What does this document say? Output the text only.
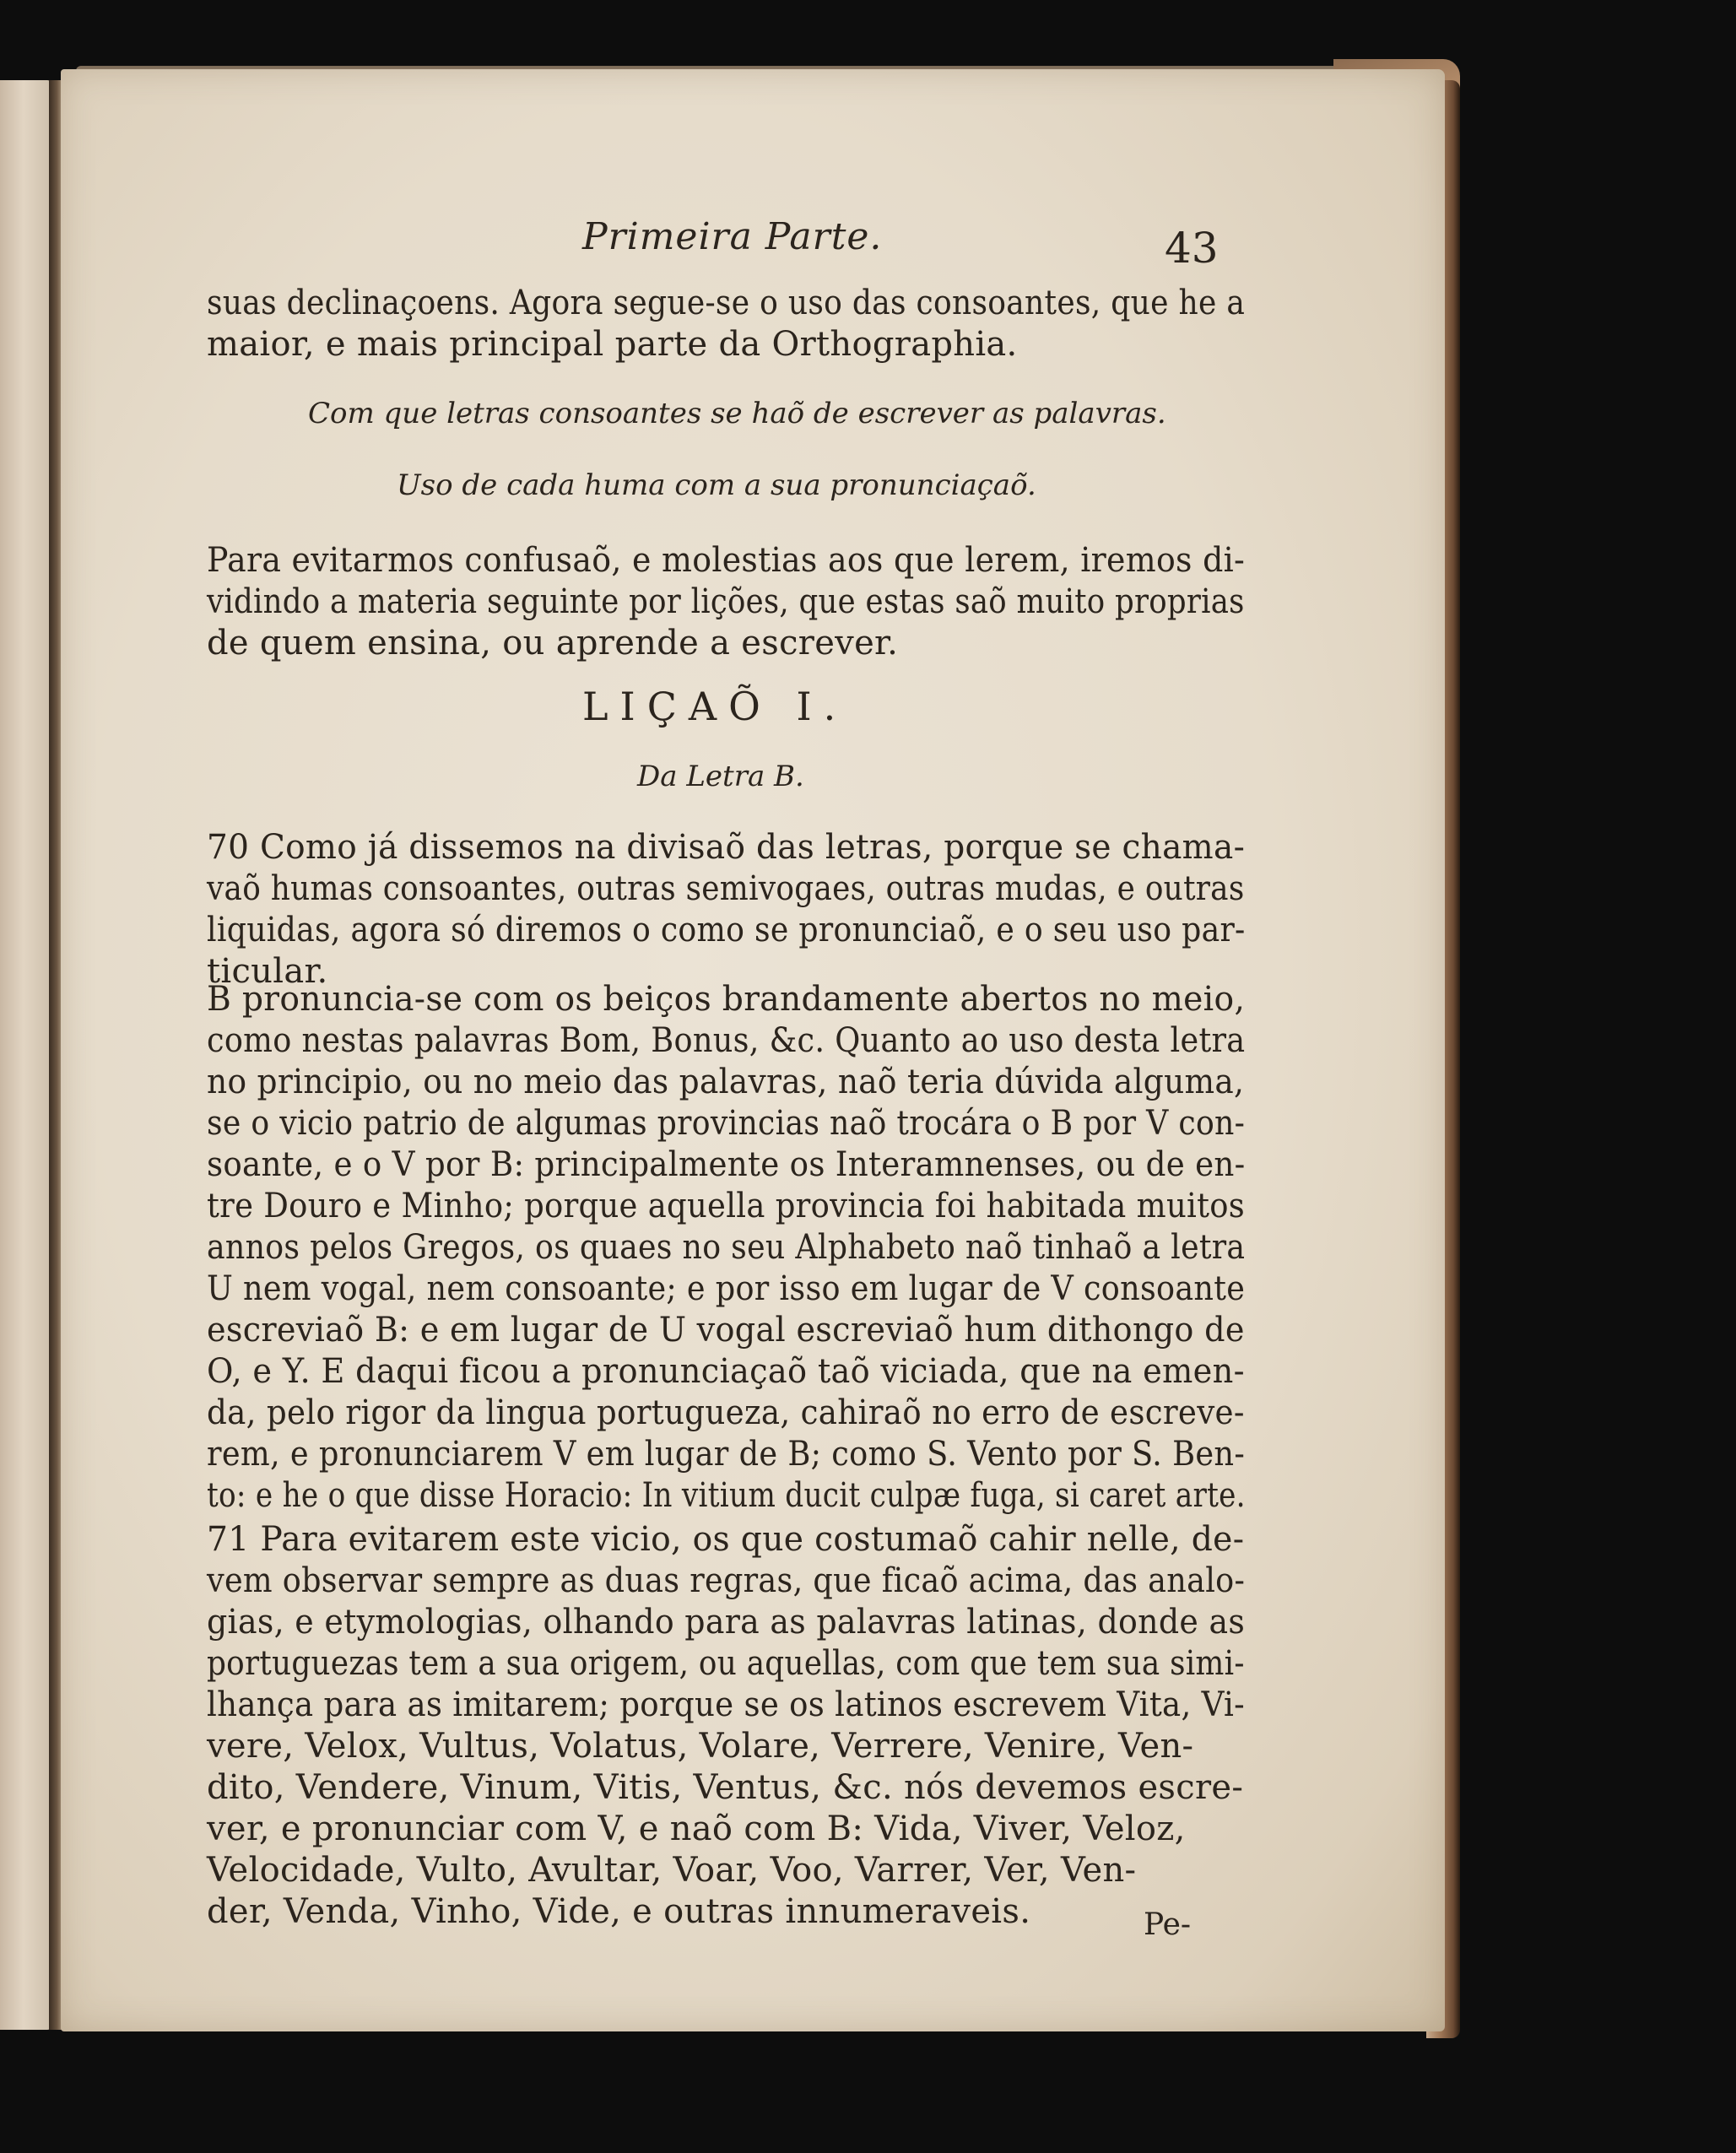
Primeira Parte.	43
suas declinaçoens. Agora segue-se o uso das consoantes, que he a
maior, e mais principal parte da Orthographia.
Com que letras consoantes se haõ de escrever as palavras.
Uso de cada huma com a sua pronunciaçaõ.
Para evitarmos confusaõ, e molestias aos que lerem, iremos di-
vidindo a materia seguinte por lições, que estas saõ muito proprias
de quem ensina, ou aprende a escrever.
LIÇAÕ I.
Da Letra B.
70 Como já dissemos na divisaõ das letras, porque se chama-
vaõ humas consoantes, outras semivogaes, outras mudas, e outras
liquidas, agora só diremos o como se pronunciaõ, e o seu uso par-
ticular.
B pronuncia-se com os beiços brandamente abertos no meio,
como nestas palavras Bom, Bonus, &c. Quanto ao uso desta letra
no principio, ou no meio das palavras, naõ teria dúvida alguma,
se o vicio patrio de algumas provincias naõ trocára o B por V con-
soante, e o V por B: principalmente os Interamnenses, ou de en-
tre Douro e Minho; porque aquella provincia foi habitada muitos
annos pelos Gregos, os quaes no seu Alphabeto naõ tinhaõ a letra
U nem vogal, nem consoante; e por isso em lugar de V consoante
escreviaõ B: e em lugar de U vogal escreviaõ hum dithongo de
O, e Y. E daqui ficou a pronunciaçaõ taõ viciada, que na emen-
da, pelo rigor da lingua portugueza, cahiraõ no erro de escreve-
rem, e pronunciarem V em lugar de B; como S. Vento por S. Ben-
to: e he o que disse Horacio: In vitium ducit culpæ fuga, si caret arte.
71 Para evitarem este vicio, os que costumaõ cahir nelle, de-
vem observar sempre as duas regras, que ficaõ acima, das analo-
gias, e etymologias, olhando para as palavras latinas, donde as
portuguezas tem a sua origem, ou aquellas, com que tem sua simi-
lhança para as imitarem; porque se os latinos escrevem Vita, Vi-
vere, Velox, Vultus, Volatus, Volare, Verrere, Venire, Ven-
dito, Vendere, Vinum, Vitis, Ventus, &c. nós devemos escre-
ver, e pronunciar com V, e naõ com B: Vida, Viver, Veloz,
Velocidade, Vulto, Avultar, Voar, Voo, Varrer, Ver, Ven-
der, Venda, Vinho, Vide, e outras innumeraveis.	Pe-
